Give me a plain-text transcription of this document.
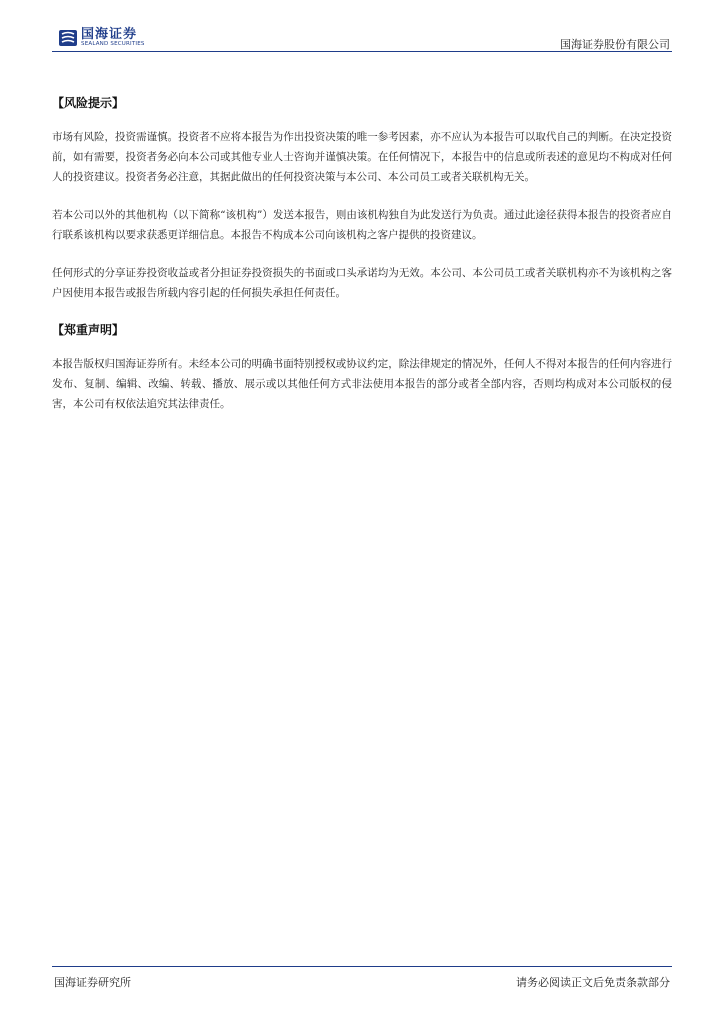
国海证券
SEALAND SECURITIES	国海证券股份有限公司
【风险提示】

市场有风险，投资需谨慎。投资者不应将本报告为作出投资决策的唯一参考因素，亦不应认为本报告可以取代自己的判断。在决定投资前，如有需要，投资者务必向本公司或其他专业人士咨询并谨慎决策。在任何情况下，本报告中的信息或所表述的意见均不构成对任何人的投资建议。投资者务必注意，其据此做出的任何投资决策与本公司、本公司员工或者关联机构无关。

若本公司以外的其他机构（以下简称“该机构”）发送本报告，则由该机构独自为此发送行为负责。通过此途径获得本报告的投资者应自行联系该机构以要求获悉更详细信息。本报告不构成本公司向该机构之客户提供的投资建议。

任何形式的分享证券投资收益或者分担证券投资损失的书面或口头承诺均为无效。本公司、本公司员工或者关联机构亦不为该机构之客户因使用本报告或报告所载内容引起的任何损失承担任何责任。

【郑重声明】

本报告版权归国海证券所有。未经本公司的明确书面特别授权或协议约定，除法律规定的情况外，任何人不得对本报告的任何内容进行发布、复制、编辑、改编、转载、播放、展示或以其他任何方式非法使用本报告的部分或者全部内容，否则均构成对本公司版权的侵害，本公司有权依法追究其法律责任。

国海证券研究所	请务必阅读正文后免责条款部分
